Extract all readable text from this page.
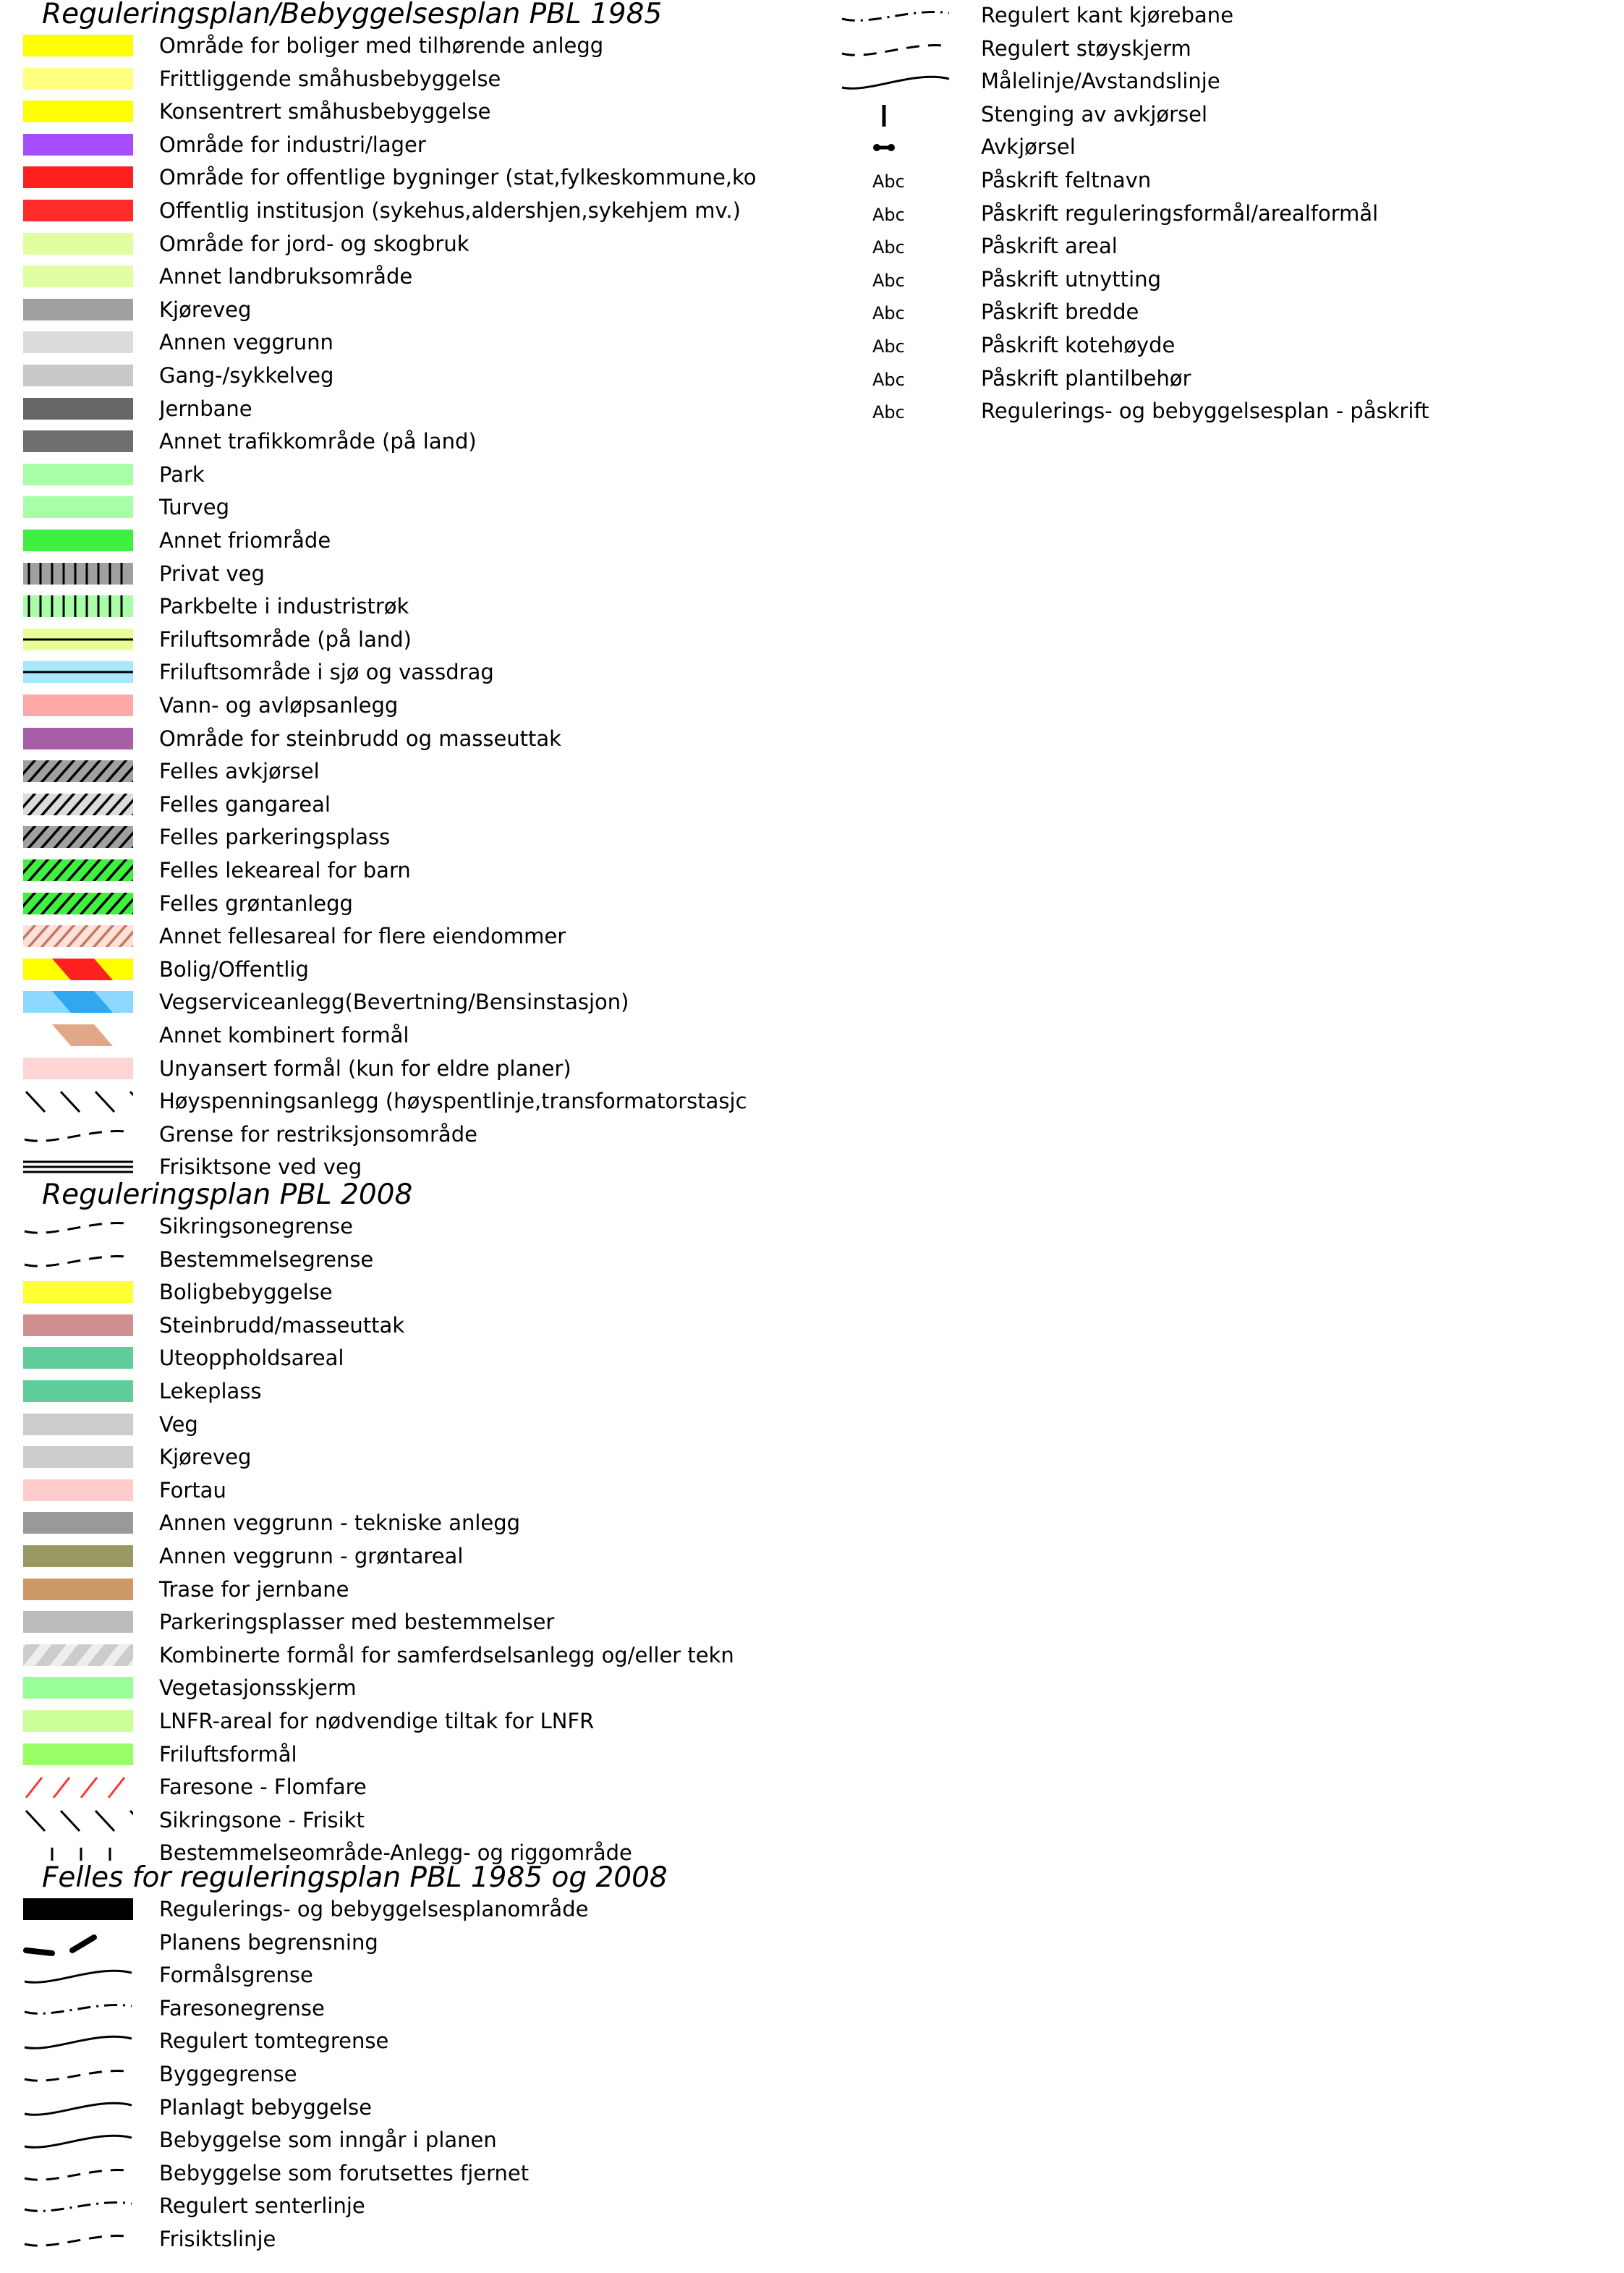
Reguleringsplan/Bebyggelsesplan PBL 1985
Område for boliger med tilhørende anlegg
Frittliggende småhusbebyggelse
Konsentrert småhusbebyggelse
Område for industri/lager
Område for offentlige bygninger (stat,fylkeskommune,ko
Offentlig institusjon (sykehus,aldershjen,sykehjem mv.)
Område for jord- og skogbruk
Annet landbruksområde
Kjøreveg
Annen veggrunn
Gang-/sykkelveg
Jernbane
Annet trafikkområde (på land)
Park
Turveg
Annet friområde
Privat veg
Parkbelte i industristrøk
Friluftsområde (på land)
Friluftsområde i sjø og vassdrag
Vann- og avløpsanlegg
Område for steinbrudd og masseuttak
Felles avkjørsel
Felles gangareal
Felles parkeringsplass
Felles lekeareal for barn
Felles grøntanlegg
Annet fellesareal for flere eiendommer
Bolig/Offentlig
Vegserviceanlegg(Bevertning/Bensinstasjon)
Annet kombinert formål
Unyansert formål (kun for eldre planer)
Høyspenningsanlegg (høyspentlinje,transformatorstasjc
Grense for restriksjonsområde
Frisiktsone ved veg
Reguleringsplan PBL 2008
Sikringsonegrense
Bestemmelsegrense
Boligbebyggelse
Steinbrudd/masseuttak
Uteoppholdsareal
Lekeplass
Veg
Kjøreveg
Fortau
Annen veggrunn - tekniske anlegg
Annen veggrunn - grøntareal
Trase for jernbane
Parkeringsplasser med bestemmelser
Kombinerte formål for samferdselsanlegg og/eller tekn
Vegetasjonsskjerm
LNFR-areal for nødvendige tiltak for LNFR
Friluftsformål
Faresone - Flomfare
Sikringsone - Frisikt
Bestemmelseområde-Anlegg- og riggområde
Felles for reguleringsplan PBL 1985 og 2008
Regulerings- og bebyggelsesplanområde
Planens begrensning
Formålsgrense
Faresonegrense
Regulert tomtegrense
Byggegrense
Planlagt bebyggelse
Bebyggelse som inngår i planen
Bebyggelse som forutsettes fjernet
Regulert senterlinje
Frisiktslinje
Regulert kant kjørebane
Regulert støyskjerm
Målelinje/Avstandslinje
Stenging av avkjørsel
Avkjørsel
Abc	Påskrift feltnavn
Abc	Påskrift reguleringsformål/arealformål
Abc	Påskrift areal
Abc	Påskrift utnytting
Abc	Påskrift bredde
Abc	Påskrift kotehøyde
Abc	Påskrift plantilbehør
Abc	Regulerings- og bebyggelsesplan - påskrift
